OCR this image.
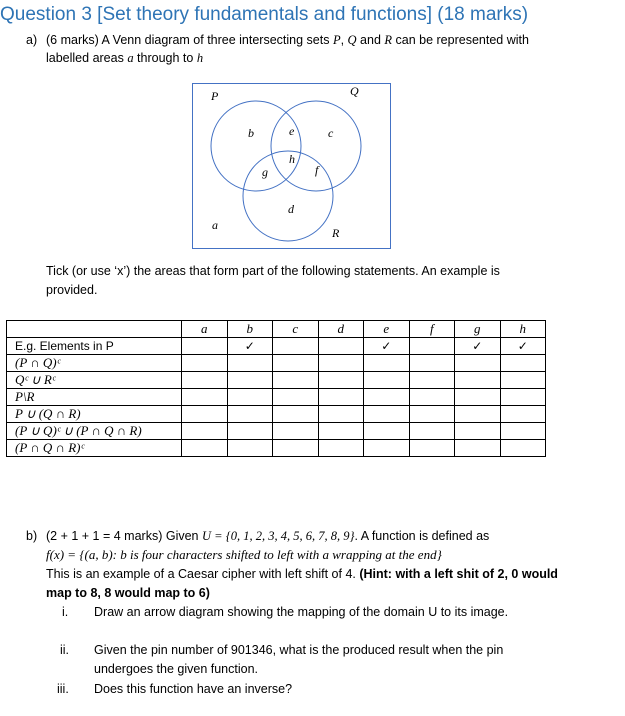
Question 3 [Set theory fundamentals and functions] (18 marks)
a) (6 marks) A Venn diagram of three intersecting sets P, Q and R can be represented with
labelled areas a through to h
P	Q
R
a
b	c
d
e
f
g
h
Tick (or use ‘x’) the areas that form part of the following statements. An example is
provided.
	a	b	c	d	e	f	g	h
E.g. Elements in P		✓			✓		✓	✓
(P ∩ Q)ᶜ								
Qᶜ ∪ Rᶜ								
P\R								
P ∪ (Q ∩ R)								
(P ∪ Q)ᶜ ∪ (P ∩ Q ∩ R)								
(P ∩ Q ∩ R)ᶜ								
b) (2 + 1 + 1 = 4 marks) Given U = {0, 1, 2, 3, 4, 5, 6, 7, 8, 9}. A function is defined as
f(x) = {(a, b): b is four characters shifted to left with a wrapping at the end}
This is an example of a Caesar cipher with left shift of 4. (Hint: with a left shit of 2, 0 would
map to 8, 8 would map to 6)
i. Draw an arrow diagram showing the mapping of the domain U to its image.
ii. Given the pin number of 901346, what is the produced result when the pin
undergoes the given function.
iii. Does this function have an inverse?
